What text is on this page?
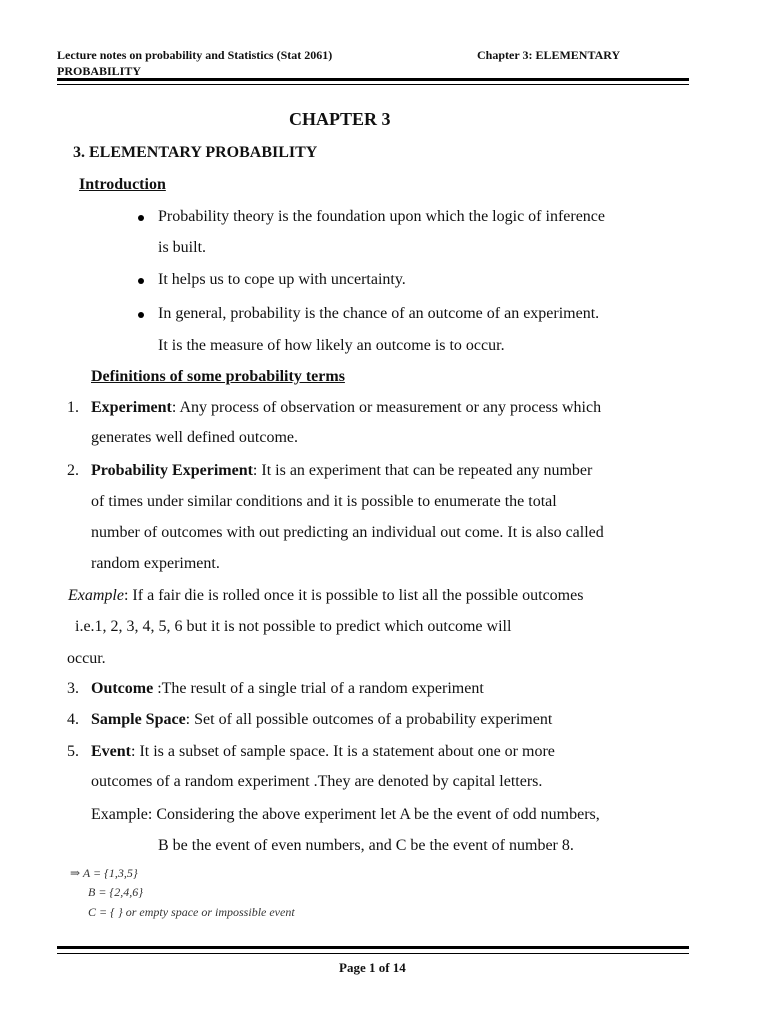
Lecture notes on probability and Statistics (Stat 2061)	Chapter 3: ELEMENTARY
PROBABILITY
CHAPTER 3
3. ELEMENTARY PROBABILITY
Introduction
Probability theory is the foundation upon which the logic of inference
is built.
It helps us to cope up with uncertainty.
In general, probability is the chance of an outcome of an experiment.
It is the measure of how likely an outcome is to occur.
Definitions of some probability terms
1. Experiment: Any process of observation or measurement or any process which
generates well defined outcome.
2. Probability Experiment: It is an experiment that can be repeated any number
of times under similar conditions and it is possible to enumerate the total
number of outcomes with out predicting an individual out come. It is also called
random experiment.
Example: If a fair die is rolled once it is possible to list all the possible outcomes
i.e.1, 2, 3, 4, 5, 6 but it is not possible to predict which outcome will
occur.
3. Outcome :The result of a single trial of a random experiment
4. Sample Space: Set of all possible outcomes of a probability experiment
5. Event: It is a subset of sample space. It is a statement about one or more
outcomes of a random experiment .They are denoted by capital letters.
Example: Considering the above experiment let A be the event of odd numbers,
B be the event of even numbers, and C be the event of number 8.
⇒ A = {1,3,5}
B = {2,4,6}
C = { } or empty space or impossible event
Page 1 of 14
